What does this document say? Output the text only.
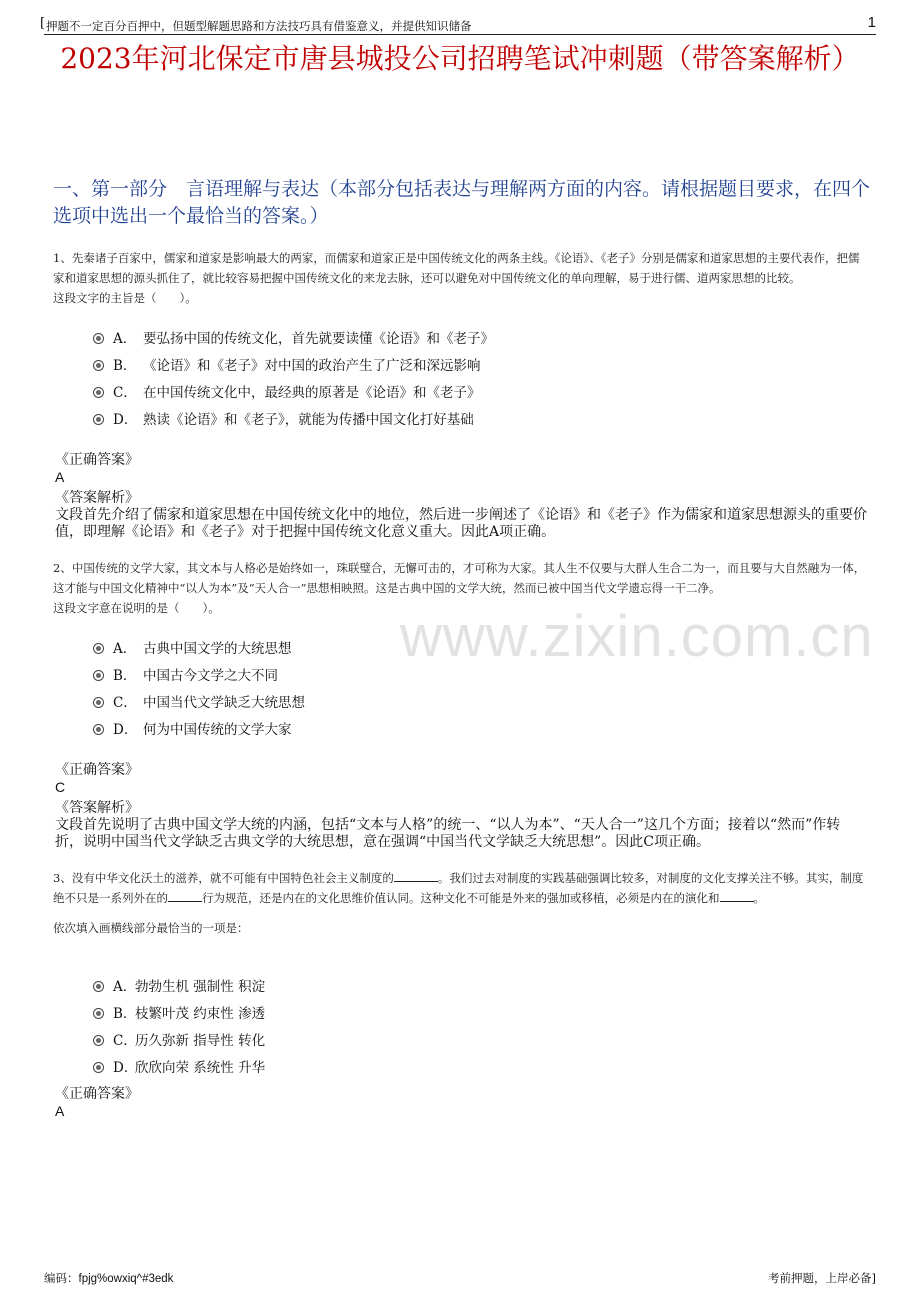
[ 押题不一定百分百押中，但题型解题思路和方法技巧具有借鉴意义，并提供知识储备	1
2023年河北保定市唐县城投公司招聘笔试冲刺题（带答案解析）
一、第一部分　言语理解与表达（本部分包括表达与理解两方面的内容。请根据题目要求，在四个选项中选出一个最恰当的答案。）
1、先秦诸子百家中，儒家和道家是影响最大的两家，而儒家和道家正是中国传统文化的两条主线。《论语》、《老子》分别是儒家和道家思想的主要代表作，把儒家和道家思想的源头抓住了，就比较容易把握中国传统文化的来龙去脉，还可以避免对中国传统文化的单向理解，易于进行儒、道两家思想的比较。
这段文字的主旨是（　　）。
A． 要弘扬中国的传统文化，首先就要读懂《论语》和《老子》
B． 《论语》和《老子》对中国的政治产生了广泛和深远影响
C． 在中国传统文化中，最经典的原著是《论语》和《老子》
D． 熟读《论语》和《老子》，就能为传播中国文化打好基础
《正确答案》
A
《答案解析》
文段首先介绍了儒家和道家思想在中国传统文化中的地位，然后进一步阐述了《论语》和《老子》作为儒家和道家思想源头的重要价值，即理解《论语》和《老子》对于把握中国传统文化意义重大。因此A项正确。
2、中国传统的文学大家，其文本与人格必是始终如一，珠联璧合，无懈可击的，才可称为大家。其人生不仅要与大群人生合二为一，而且要与大自然融为一体，这才能与中国文化精神中“以人为本”及“天人合一”思想相映照。这是古典中国的文学大统，然而已被中国当代文学遗忘得一干二净。
这段文字意在说明的是（　　）。
A． 古典中国文学的大统思想
B． 中国古今文学之大不同
C． 中国当代文学缺乏大统思想
D． 何为中国传统的文学大家
《正确答案》
C
《答案解析》
文段首先说明了古典中国文学大统的内涵，包括“文本与人格”的统一、“以人为本”、“天人合一”这几个方面；接着以“然而”作转折，说明中国当代文学缺乏古典文学的大统思想，意在强调“中国当代文学缺乏大统思想”。因此C项正确。
3、没有中华文化沃土的滋养，就不可能有中国特色社会主义制度的	。我们过去对制度的实践基础强调比较多，对制度的文化支撑关注不够。其实，制度绝不只是一系列外在的	行为规范，还是内在的文化思维价值认同。这种文化不可能是外来的强加或移植，必须是内在的演化和	。
依次填入画横线部分最恰当的一项是：
A．
勃勃生机 强制性 积淀
B．
枝繁叶茂 约束性 渗透
C．
历久弥新 指导性 转化
D．
欣欣向荣 系统性 升华
《正确答案》
A
www.zixin.com.cn
编码：fpjg%owxiq^#3edk	考前押题，上岸必备]
